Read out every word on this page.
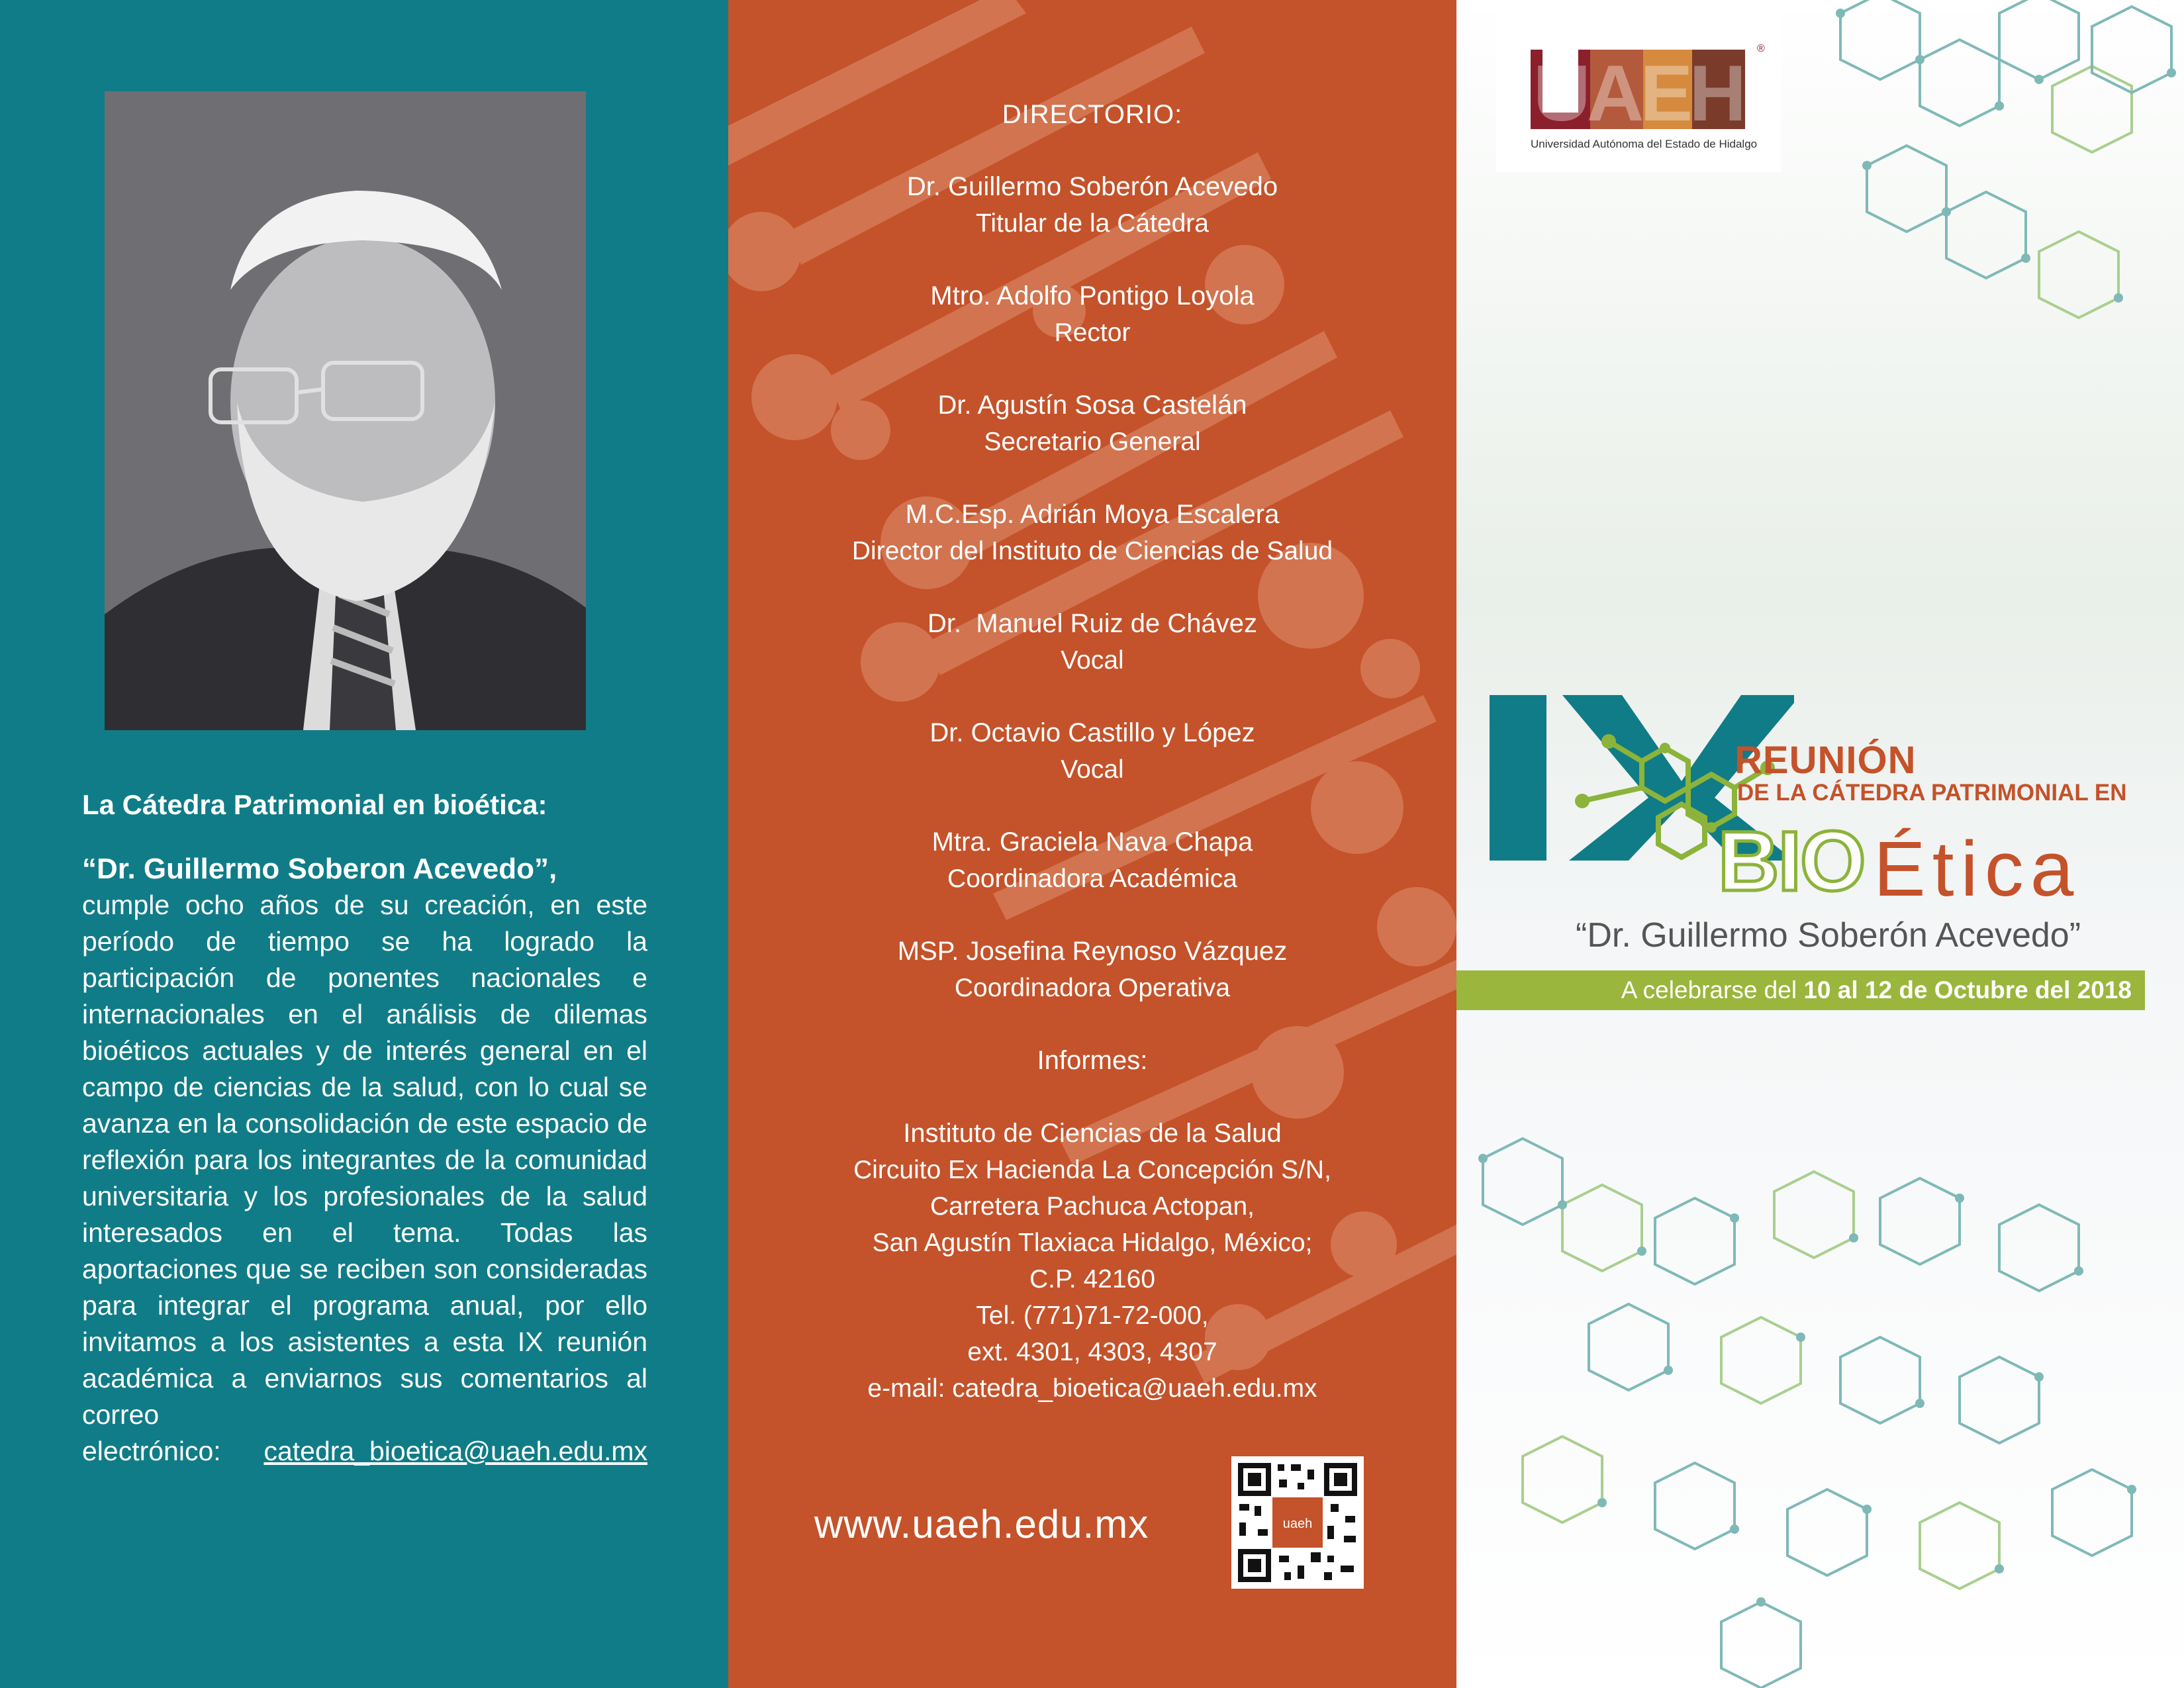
La Cátedra Patrimonial en bioética:

“Dr. Guillermo Soberon Acevedo”,

cumple ocho años de su creación, en este período de tiempo se ha logrado la participación de ponentes nacionales e internacionales en el análisis de dilemas bioéticos actuales y de interés general en el campo de ciencias de la salud, con lo cual se avanza en la consolidación de este espacio de reflexión para los integrantes de la comunidad universitaria y los profesionales de la salud interesados en el tema. Todas las aportaciones que se reciben son consideradas para integrar el programa anual, por ello invitamos a los asistentes a esta IX reunión académica a enviarnos sus comentarios al correo

electrónico: catedra_bioetica@uaeh.edu.mx

DIRECTORIO:
Dr. Guillermo Soberón Acevedo
Titular de la Cátedra
Mtro. Adolfo Pontigo Loyola
Rector
Dr. Agustín Sosa Castelán
Secretario General
M.C.Esp. Adrián Moya Escalera
Director del Instituto de Ciencias de Salud
Dr.  Manuel Ruiz de Chávez
Vocal
Dr. Octavio Castillo y López
Vocal
Mtra. Graciela Nava Chapa
Coordinadora Académica
MSP. Josefina Reynoso Vázquez
Coordinadora Operativa
Informes:
Instituto de Ciencias de la Salud
Circuito Ex Hacienda La Concepción S/N,
Carretera Pachuca Actopan,
San Agustín Tlaxiaca Hidalgo, México;
C.P. 42160
Tel. (771)71-72-000,
ext. 4301, 4303, 4307
e-mail: catedra_bioetica@uaeh.edu.mx
www.uaeh.edu.mx	uaeh
UAEH
®
Universidad Autónoma del Estado de Hidalgo
IX
REUNIÓN
DE LA CÁTEDRA PATRIMONIAL EN
BIO Ética
“Dr. Guillermo Soberón Acevedo”
A celebrarse del 10 al 12 de Octubre del 2018
